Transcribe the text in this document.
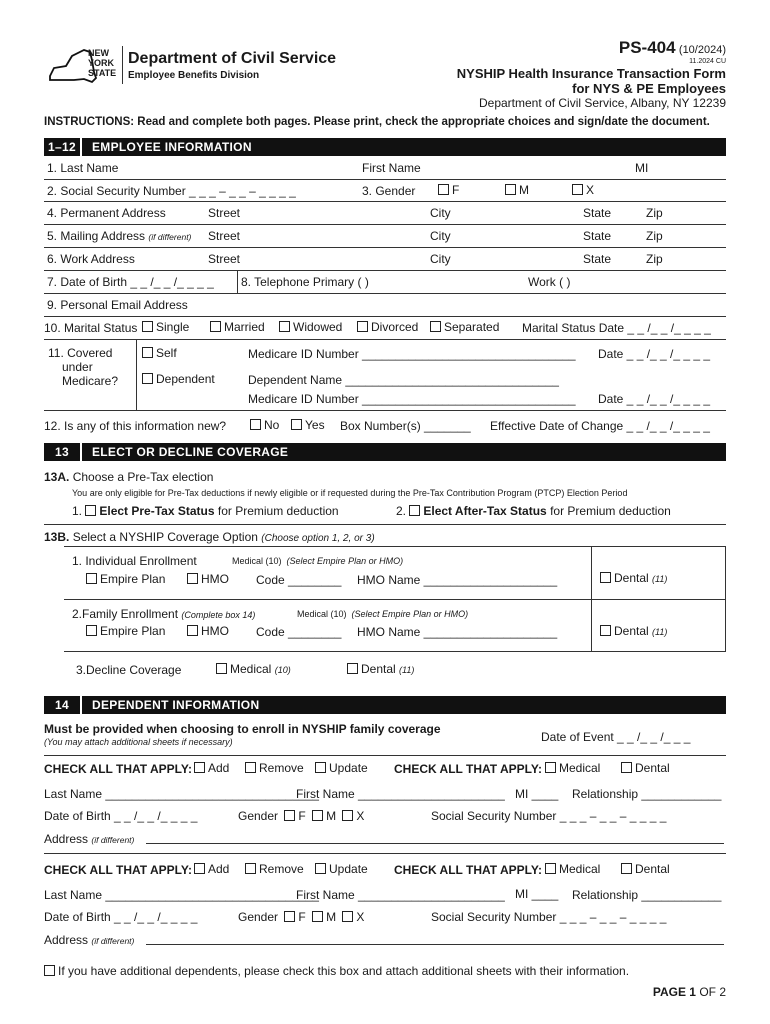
NEW YORK STATE
Department of Civil Service
Employee Benefits Division
PS-404 (10/2024)
11.2024 CU
NYSHIP Health Insurance Transaction Form
for NYS & PE Employees
Department of Civil Service, Albany, NY 12239
INSTRUCTIONS: Read and complete both pages. Please print, check the appropriate choices and sign/date the document.
1–12	EMPLOYEE INFORMATION
1. Last Name	First Name	MI
2. Social Security Number _ _ _ – _ _ – _ _ _ _	3. Gender	F	M	X
4. Permanent Address	Street	City	State	Zip
5. Mailing Address (if different) Street	City	State	Zip
6. Work Address	Street	City	State	Zip
7. Date of Birth _ _ /_ _ /_ _ _ _ 8. Telephone Primary ( )	Work ( )
9. Personal Email Address
10. Marital Status	Single	Married	Widowed	Divorced	Separated Marital Status Date _ _ /_ _ /_ _ _ _
11. Covered
under
Medicare?
Self	Medicare ID Number ________________________________ Date _ _ /_ _ /_ _ _ _
Dependent	Dependent Name ________________________________
Medicare ID Number ________________________________ Date _ _ /_ _ /_ _ _ _
12. Is any of this information new?	No	Yes Box Number(s) _______ Effective Date of Change _ _ /_ _ /_ _ _ _
13	ELECT OR DECLINE COVERAGE
13A. Choose a Pre-Tax election
You are only eligible for Pre-Tax deductions if newly eligible or if requested during the Pre-Tax Contribution Program (PTCP) Election Period
1. Elect Pre-Tax Status for Premium deduction	2. Elect After-Tax Status for Premium deduction
13B. Select a NYSHIP Coverage Option (Choose option 1, 2, or 3)
1. Individual Enrollment	Medical (10) (Select Empire Plan or HMO)
Empire Plan	HMO Code ________ HMO Name ____________________	Dental (11)
2.Family Enrollment (Complete box 14)	Medical (10) (Select Empire Plan or HMO)
Empire Plan	HMO Code ________ HMO Name ____________________	Dental (11)
3.Decline Coverage	Medical (10)	Dental (11)
14	DEPENDENT INFORMATION
Must be provided when choosing to enroll in NYSHIP family coverage
(You may attach additional sheets if necessary)	Date of Event _ _ /_ _ /_ _ _
CHECK ALL THAT APPLY:	Add	Remove	Update CHECK ALL THAT APPLY:	Medical	Dental
Last Name ________________________________
First Name ______________________ MI ____ Relationship ____________
Date of Birth _ _ /_ _ /_ _ _ _	Gender F M X	Social Security Number _ _ _ – _ _ – _ _ _ _
Address (if different)
CHECK ALL THAT APPLY:	Add	Remove	Update CHECK ALL THAT APPLY:	Medical	Dental
Last Name ________________________________
First Name ______________________ MI ____ Relationship ____________
Date of Birth _ _ /_ _ /_ _ _ _	Gender F M X	Social Security Number _ _ _ – _ _ – _ _ _ _
Address (if different)
If you have additional dependents, please check this box and attach additional sheets with their information.
PAGE 1 OF 2
